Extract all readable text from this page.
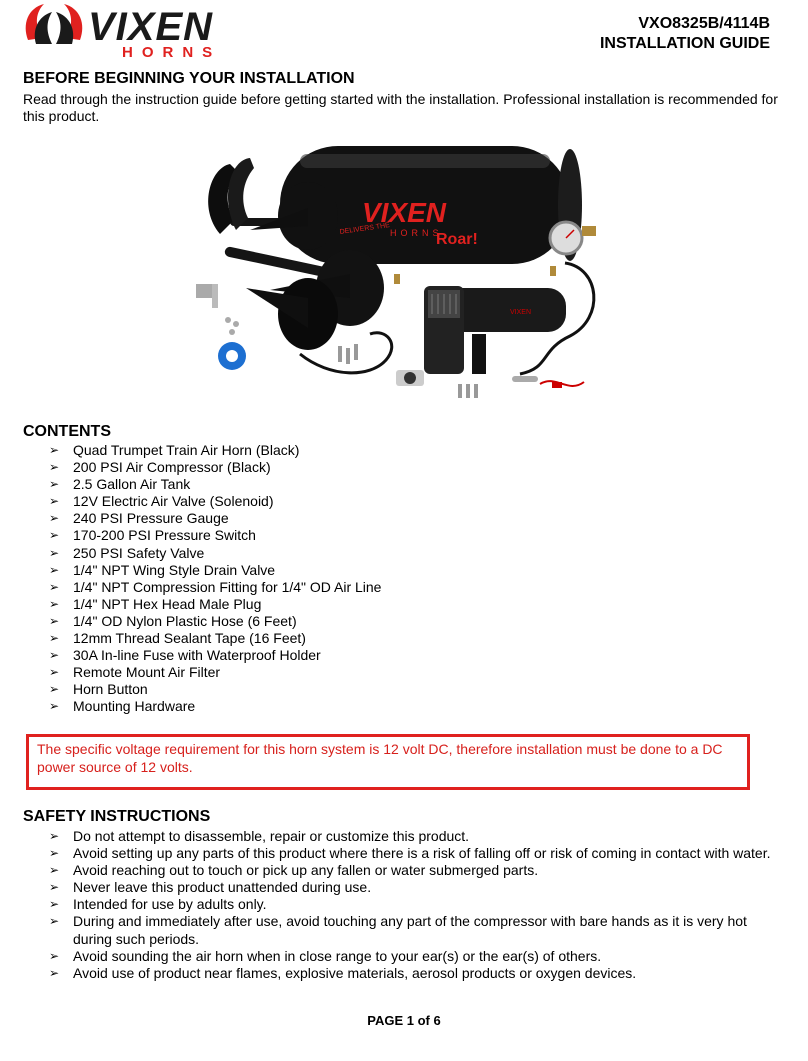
VIXEN
HORNS
VXO8325B/4114B
INSTALLATION GUIDE
BEFORE BEGINNING YOUR INSTALLATION
Read through the instruction guide before getting started with the installation. Professional installation is recommended for this product.
VIXEN
HORNS
DELIVERS THE
Roar!
VIXEN
CONTENTS
➢ Quad Trumpet Train Air Horn (Black)
➢ 200 PSI Air Compressor (Black)
➢ 2.5 Gallon Air Tank
➢ 12V Electric Air Valve (Solenoid)
➢ 240 PSI Pressure Gauge
➢ 170-200 PSI Pressure Switch
➢ 250 PSI Safety Valve
➢ 1/4" NPT Wing Style Drain Valve
➢ 1/4" NPT Compression Fitting for 1/4" OD Air Line
➢ 1/4" NPT Hex Head Male Plug
➢ 1/4" OD Nylon Plastic Hose (6 Feet)
➢ 12mm Thread Sealant Tape (16 Feet)
➢ 30A In-line Fuse with Waterproof Holder
➢ Remote Mount Air Filter
➢ Horn Button
➢ Mounting Hardware
The specific voltage requirement for this horn system is 12 volt DC, therefore installation must be done to a DC power source of 12 volts.
SAFETY INSTRUCTIONS
➢ Do not attempt to disassemble, repair or customize this product.
➢ Avoid setting up any parts of this product where there is a risk of falling off or risk of coming in contact with water.
➢ Avoid reaching out to touch or pick up any fallen or water submerged parts.
➢ Never leave this product unattended during use.
➢ Intended for use by adults only.
➢ During and immediately after use, avoid touching any part of the compressor with bare hands as it is very hot during such periods.
➢ Avoid sounding the air horn when in close range to your ear(s) or the ear(s) of others.
➢ Avoid use of product near flames, explosive materials, aerosol products or oxygen devices.
PAGE 1 of 6
